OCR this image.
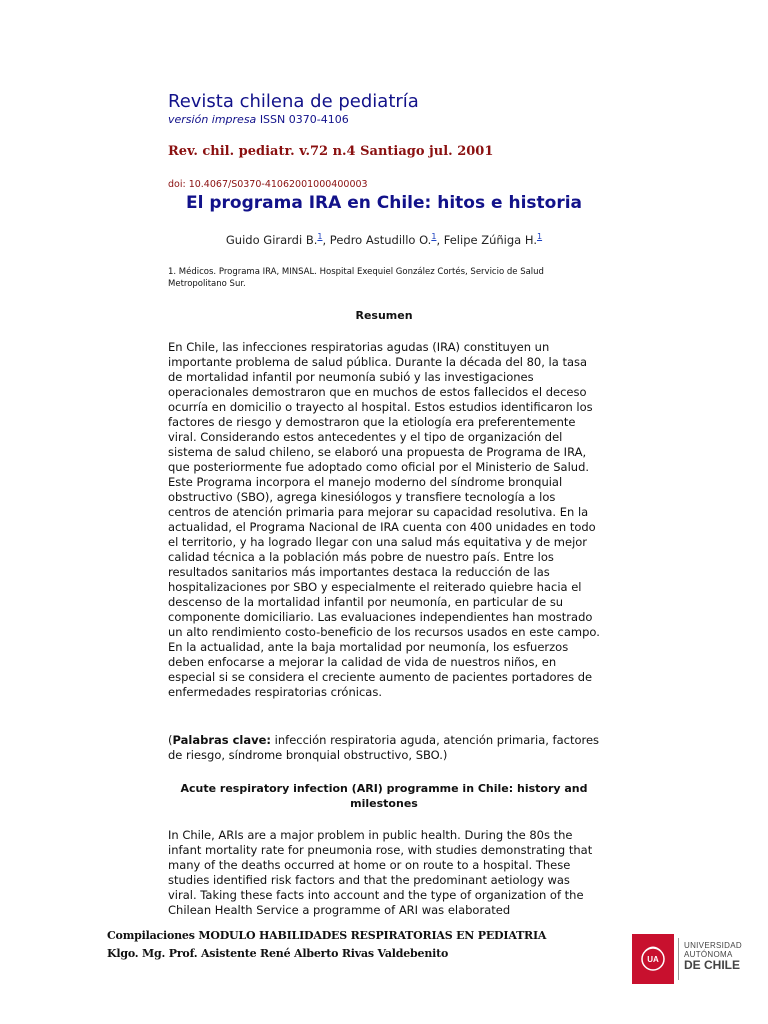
Revista chilena de pediatría
versión impresa ISSN 0370-4106
Rev. chil. pediatr. v.72 n.4 Santiago jul. 2001
doi: 10.4067/S0370-41062001000400003
El programa IRA en Chile: hitos e historia
Guido Girardi B.$^1$, Pedro Astudillo O.$^1$, Felipe Zúñiga H.$^1$
1. Médicos. Programa IRA, MINSAL. Hospital Exequiel González Cortés, Servicio de Salud Metropolitano Sur.
Resumen
En Chile, las infecciones respiratorias agudas (IRA) constituyen un importante problema de salud pública. Durante la década del 80, la tasa de mortalidad infantil por neumonía subió y las investigaciones operacionales demostraron que en muchos de estos fallecidos el deceso ocurría en domicilio o trayecto al hospital. Estos estudios identificaron los factores de riesgo y demostraron que la etiología era preferentemente viral. Considerando estos antecedentes y el tipo de organización del sistema de salud chileno, se elaboró una propuesta de Programa de IRA, que posteriormente fue adoptado como oficial por el Ministerio de Salud. Este Programa incorpora el manejo moderno del síndrome bronquial obstructivo (SBO), agrega kinesiólogos y transfiere tecnología a los centros de atención primaria para mejorar su capacidad resolutiva. En la actualidad, el Programa Nacional de IRA cuenta con 400 unidades en todo el territorio, y ha logrado llegar con una salud más equitativa y de mejor calidad técnica a la población más pobre de nuestro país. Entre los resultados sanitarios más importantes destaca la reducción de las hospitalizaciones por SBO y especialmente el reiterado quiebre hacia el descenso de la mortalidad infantil por neumonía, en particular de su componente domiciliario. Las evaluaciones independientes han mostrado un alto rendimiento costo-beneficio de los recursos usados en este campo. En la actualidad, ante la baja mortalidad por neumonía, los esfuerzos deben enfocarse a mejorar la calidad de vida de nuestros niños, en especial si se considera el creciente aumento de pacientes portadores de enfermedades respiratorias crónicas.
(Palabras clave: infección respiratoria aguda, atención primaria, factores de riesgo, síndrome bronquial obstructivo, SBO.)
Acute respiratory infection (ARI) programme in Chile: history and milestones
In Chile, ARIs are a major problem in public health. During the 80s the infant mortality rate for pneumonia rose, with studies demonstrating that many of the deaths occurred at home or on route to a hospital. These studies identified risk factors and that the predominant aetiology was viral. Taking these facts into account and the type of organization of the Chilean Health Service a programme of ARI was elaborated
Compilaciones MODULO HABILIDADES RESPIRATORIAS EN PEDIATRIA
Klgo. Mg. Prof. Asistente René Alberto Rivas Valdebenito	UA
UNIVERSIDAD
AUTÓNOMA
DE CHILE
